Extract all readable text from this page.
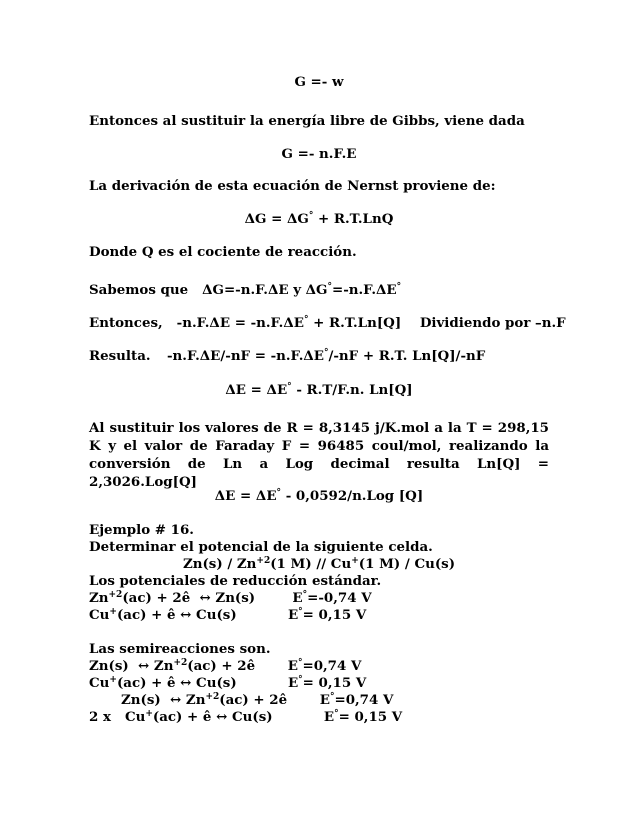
G =- w
Entonces al sustituir la energía libre de Gibbs, viene dada
G =- n.F.E
La derivación de esta ecuación de Nernst proviene de:
ΔG = ΔG° + R.T.LnQ
Donde Q es el cociente de reacción.
Sabemos que   ΔG=-n.F.ΔE y ΔG°=-n.F.ΔE°
Entonces,   -n.F.ΔE = -n.F.ΔE° + R.T.Ln[Q]    Dividiendo por –n.F
Resulta. -n.F.ΔE/-nF = -n.F.ΔE°/-nF + R.T. Ln[Q]/-nF
ΔE = ΔE° - R.T/F.n. Ln[Q]
Al sustituir los valores de R = 8,3145 j/K.mol a la T = 298,15 K y el valor de Faraday F = 96485 coul/mol, realizando la conversión de Ln a Log decimal resulta Ln[Q] = 2,3026.Log[Q]
ΔE = ΔE° - 0,0592/n.Log [Q]
Ejemplo # 16.
Determinar el potencial de la siguiente celda.
$Zn(s) / Zn^{+2}(1$ M) // Cu+(1 M) / Cu(s)
Los potenciales de reducción estándar.
$Zn^{+2}(ac)$ + 2ê  ↔ Zn(s)        E°=-0,74 V
Cu+(ac) + ê ↔ Cu(s)           E°= 0,15 V
Las semireacciones son.
Zn(s)  ↔ $Zn^{+2}(ac)$ + 2ê       E°=0,74 V
Cu+(ac) + ê ↔ Cu(s)           E°= 0,15 V
Zn(s)  ↔ $Zn^{+2}(ac)$ + 2ê       E°=0,74 V
2 x   Cu+(ac) + ê ↔ Cu(s)           E°= 0,15 V
